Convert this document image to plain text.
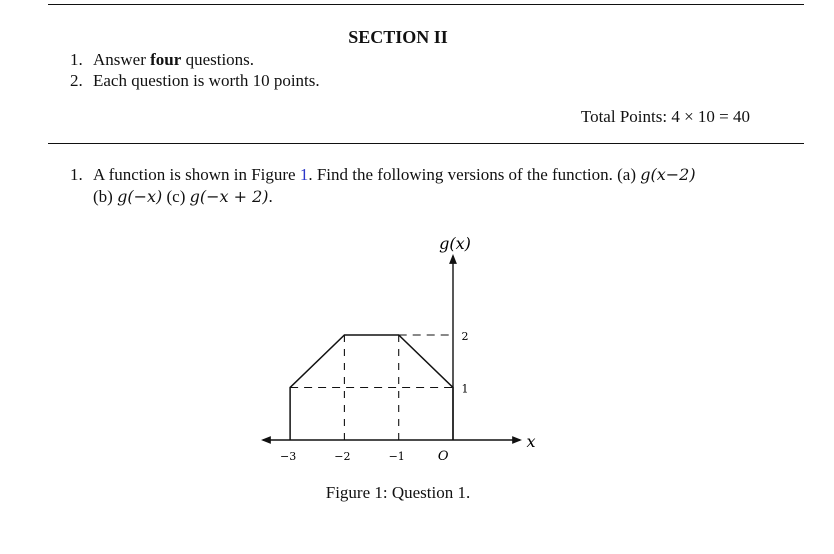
SECTION II
1. Answer four questions.
2. Each question is worth 10 points.
Total Points: 4 × 10 = 40
1. A function is shown in Figure 1. Find the following versions of the function. (a) g(x−2)
(b) g(−x) (c) g(−x + 2).
−3	−2	−1	O
2
1
g(x)
x
Figure 1: Question 1.
